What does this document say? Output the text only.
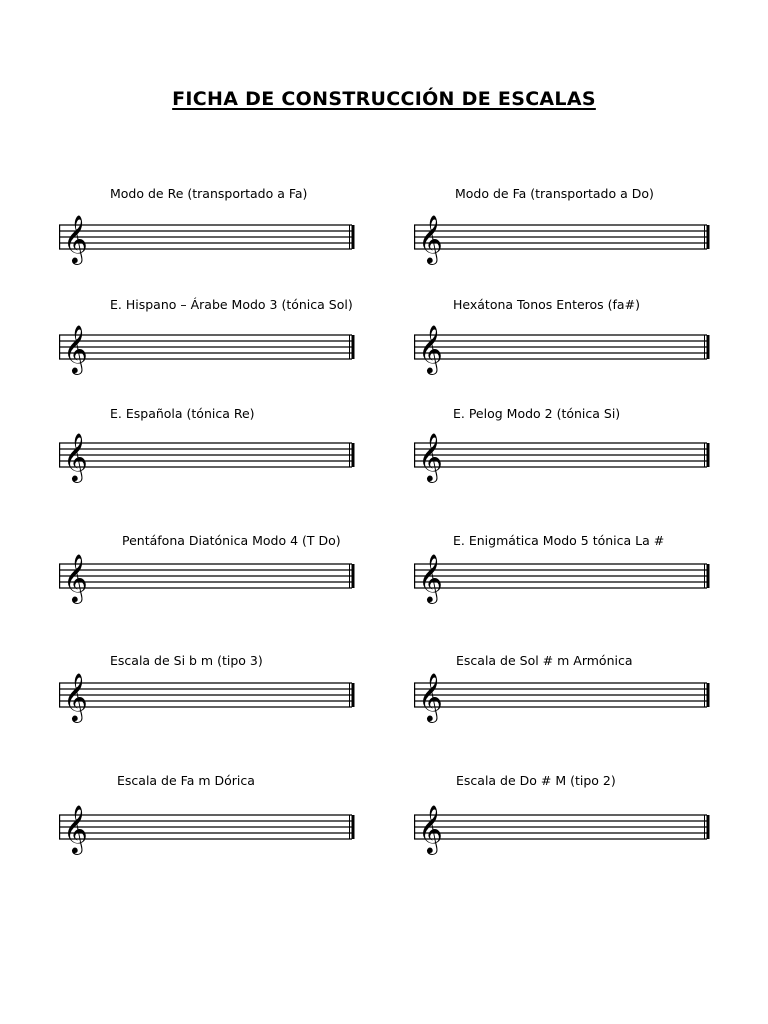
FICHA DE CONSTRUCCIÓN DE ESCALAS
Modo de Re (transportado a Fa)	Modo de Fa (transportado a Do)
𝄞	𝄞
E. Hispano – Árabe Modo 3 (tónica Sol)	Hexátona Tonos Enteros (fa#)
𝄞	𝄞
E. Española (tónica Re)	E. Pelog Modo 2 (tónica Si)
𝄞	𝄞
Pentáfona Diatónica Modo 4 (T Do)	E. Enigmática Modo 5 tónica La #
𝄞	𝄞
Escala de Si b m (tipo 3)	Escala de Sol # m Armónica
𝄞	𝄞
Escala de Fa m Dórica	Escala de Do # M (tipo 2)
𝄞	𝄞
